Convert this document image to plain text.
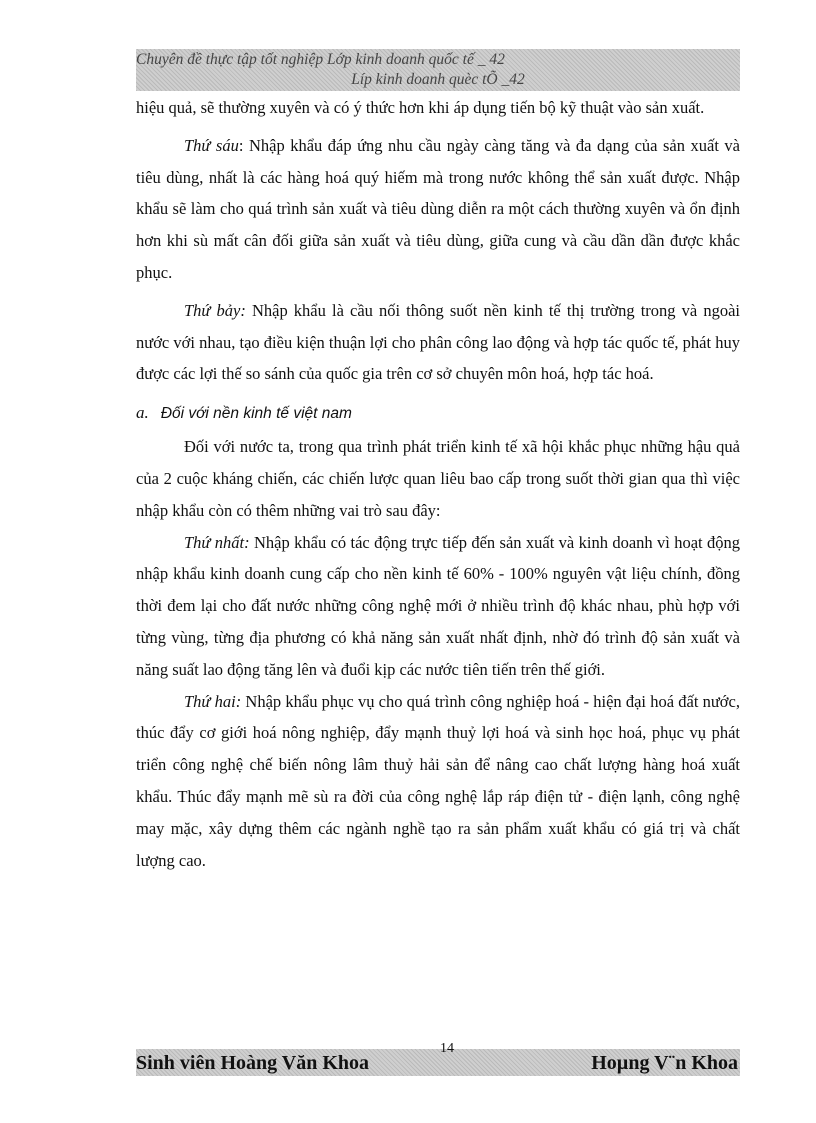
Chuyên đề thực tập tốt nghiệp Lớp kinh doanh quốc tế _ 42
Líp kinh doanh quèc tÕ _42

hiệu quả, sẽ thường xuyên và có ý thức hơn khi áp dụng tiến bộ kỹ thuật vào sản xuất.

Thứ sáu: Nhập khẩu đáp ứng nhu cầu ngày càng tăng và đa dạng của sản xuất và tiêu dùng, nhất là các hàng hoá quý hiếm mà trong nước không thể sản xuất được. Nhập khẩu sẽ làm cho quá trình sản xuất và tiêu dùng diễn ra một cách thường xuyên và ổn định hơn khi sù mất cân đối giữa sản xuất và tiêu dùng, giữa cung và cầu dần dần được khắc phục.

Thứ bảy: Nhập khẩu là cầu nối thông suốt nền kinh tế thị trường trong và ngoài nước với nhau, tạo điều kiện thuận lợi cho phân công lao động và hợp tác quốc tế, phát huy được các lợi thế so sánh của quốc gia trên cơ sở chuyên môn hoá, hợp tác hoá.

a. Đối với nền kinh tế việt nam

Đối với nước ta, trong qua trình phát triển kinh tế xã hội khắc phục những hậu quả của 2 cuộc kháng chiến, các chiến lược quan liêu bao cấp trong suốt thời gian qua thì việc nhập khẩu còn có thêm những vai trò sau đây:

Thứ nhất: Nhập khẩu có tác động trực tiếp đến sản xuất và kinh doanh vì hoạt động nhập khẩu kinh doanh cung cấp cho nền kinh tế 60% - 100% nguyên vật liệu chính, đồng thời đem lại cho đất nước những công nghệ mới ở nhiều trình độ khác nhau, phù hợp với từng vùng, từng địa phương có khả năng sản xuất nhất định, nhờ đó trình độ sản xuất và năng suất lao động tăng lên và đuổi kịp các nước tiên tiến trên thế giới.

Thứ hai: Nhập khẩu phục vụ cho quá trình công nghiệp hoá - hiện đại hoá đất nước, thúc đẩy cơ giới hoá nông nghiệp, đẩy mạnh thuỷ lợi hoá và sinh học hoá, phục vụ phát triển công nghệ chế biến nông lâm thuỷ hải sản để nâng cao chất lượng hàng hoá xuất khẩu. Thúc đẩy mạnh mẽ sù ra đời của công nghệ lắp ráp điện tử - điện lạnh, công nghệ may mặc, xây dựng thêm các ngành nghề tạo ra sản phẩm xuất khẩu có giá trị và chất lượng cao.

Sinh viên Hoàng Văn Khoa
14
Hoµng V¨n Khoa
